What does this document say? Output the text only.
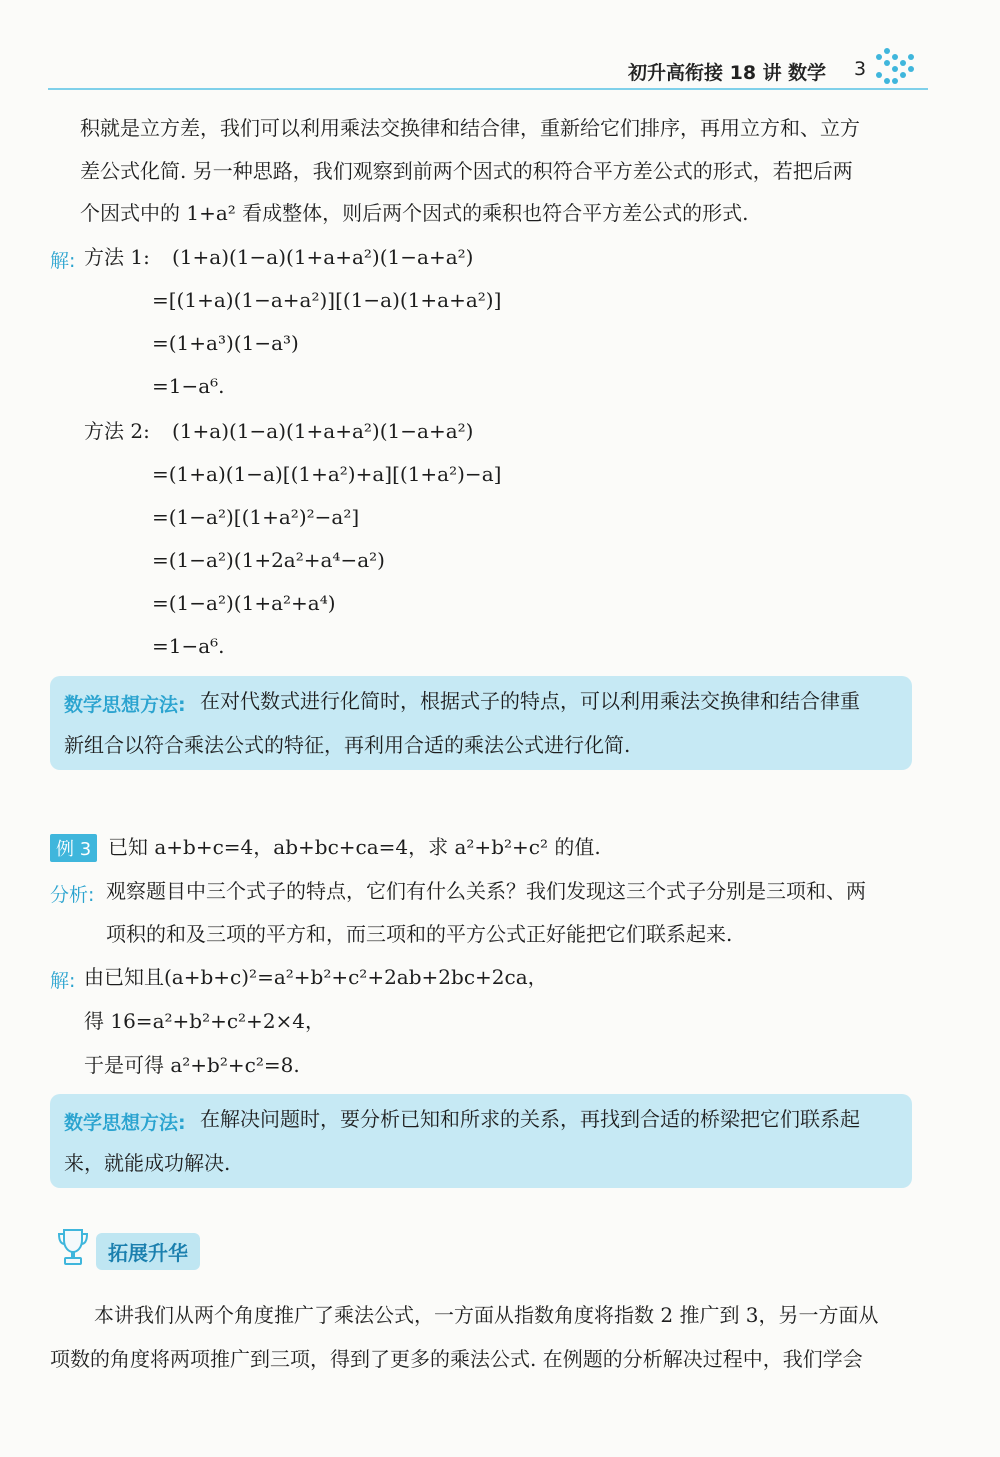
初升高衔接 18 讲 数学 3
积就是立方差，我们可以利用乘法交换律和结合律，重新给它们排序，再用立方和、立方
差公式化简. 另一种思路，我们观察到前两个因式的积符合平方差公式的形式，若把后两
个因式中的 1+a² 看成整体，则后两个因式的乘积也符合平方差公式的形式.
解: 方法 1: (1+a)(1−a)(1+a+a²)(1−a+a²)
=[(1+a)(1−a+a²)][(1−a)(1+a+a²)]
=(1+a³)(1−a³)
=1−a⁶.
方法 2: (1+a)(1−a)(1+a+a²)(1−a+a²)
=(1+a)(1−a)[(1+a²)+a][(1+a²)−a]
=(1−a²)[(1+a²)²−a²]
=(1−a²)(1+2a²+a⁴−a²)
=(1−a²)(1+a²+a⁴)
=1−a⁶.
数学思想方法: 在对代数式进行化简时，根据式子的特点，可以利用乘法交换律和结合律重
新组合以符合乘法公式的特征，再利用合适的乘法公式进行化简.
例 3 已知 a+b+c=4，ab+bc+ca=4，求 a²+b²+c² 的值.
分析: 观察题目中三个式子的特点，它们有什么关系？我们发现这三个式子分别是三项和、两
项积的和及三项的平方和，而三项和的平方公式正好能把它们联系起来.
解: 由已知且(a+b+c)²=a²+b²+c²+2ab+2bc+2ca，
得 16=a²+b²+c²+2×4，
于是可得 a²+b²+c²=8.
数学思想方法: 在解决问题时，要分析已知和所求的关系，再找到合适的桥梁把它们联系起
来，就能成功解决.
拓展升华
本讲我们从两个角度推广了乘法公式，一方面从指数角度将指数 2 推广到 3，另一方面从
项数的角度将两项推广到三项，得到了更多的乘法公式. 在例题的分析解决过程中，我们学会
